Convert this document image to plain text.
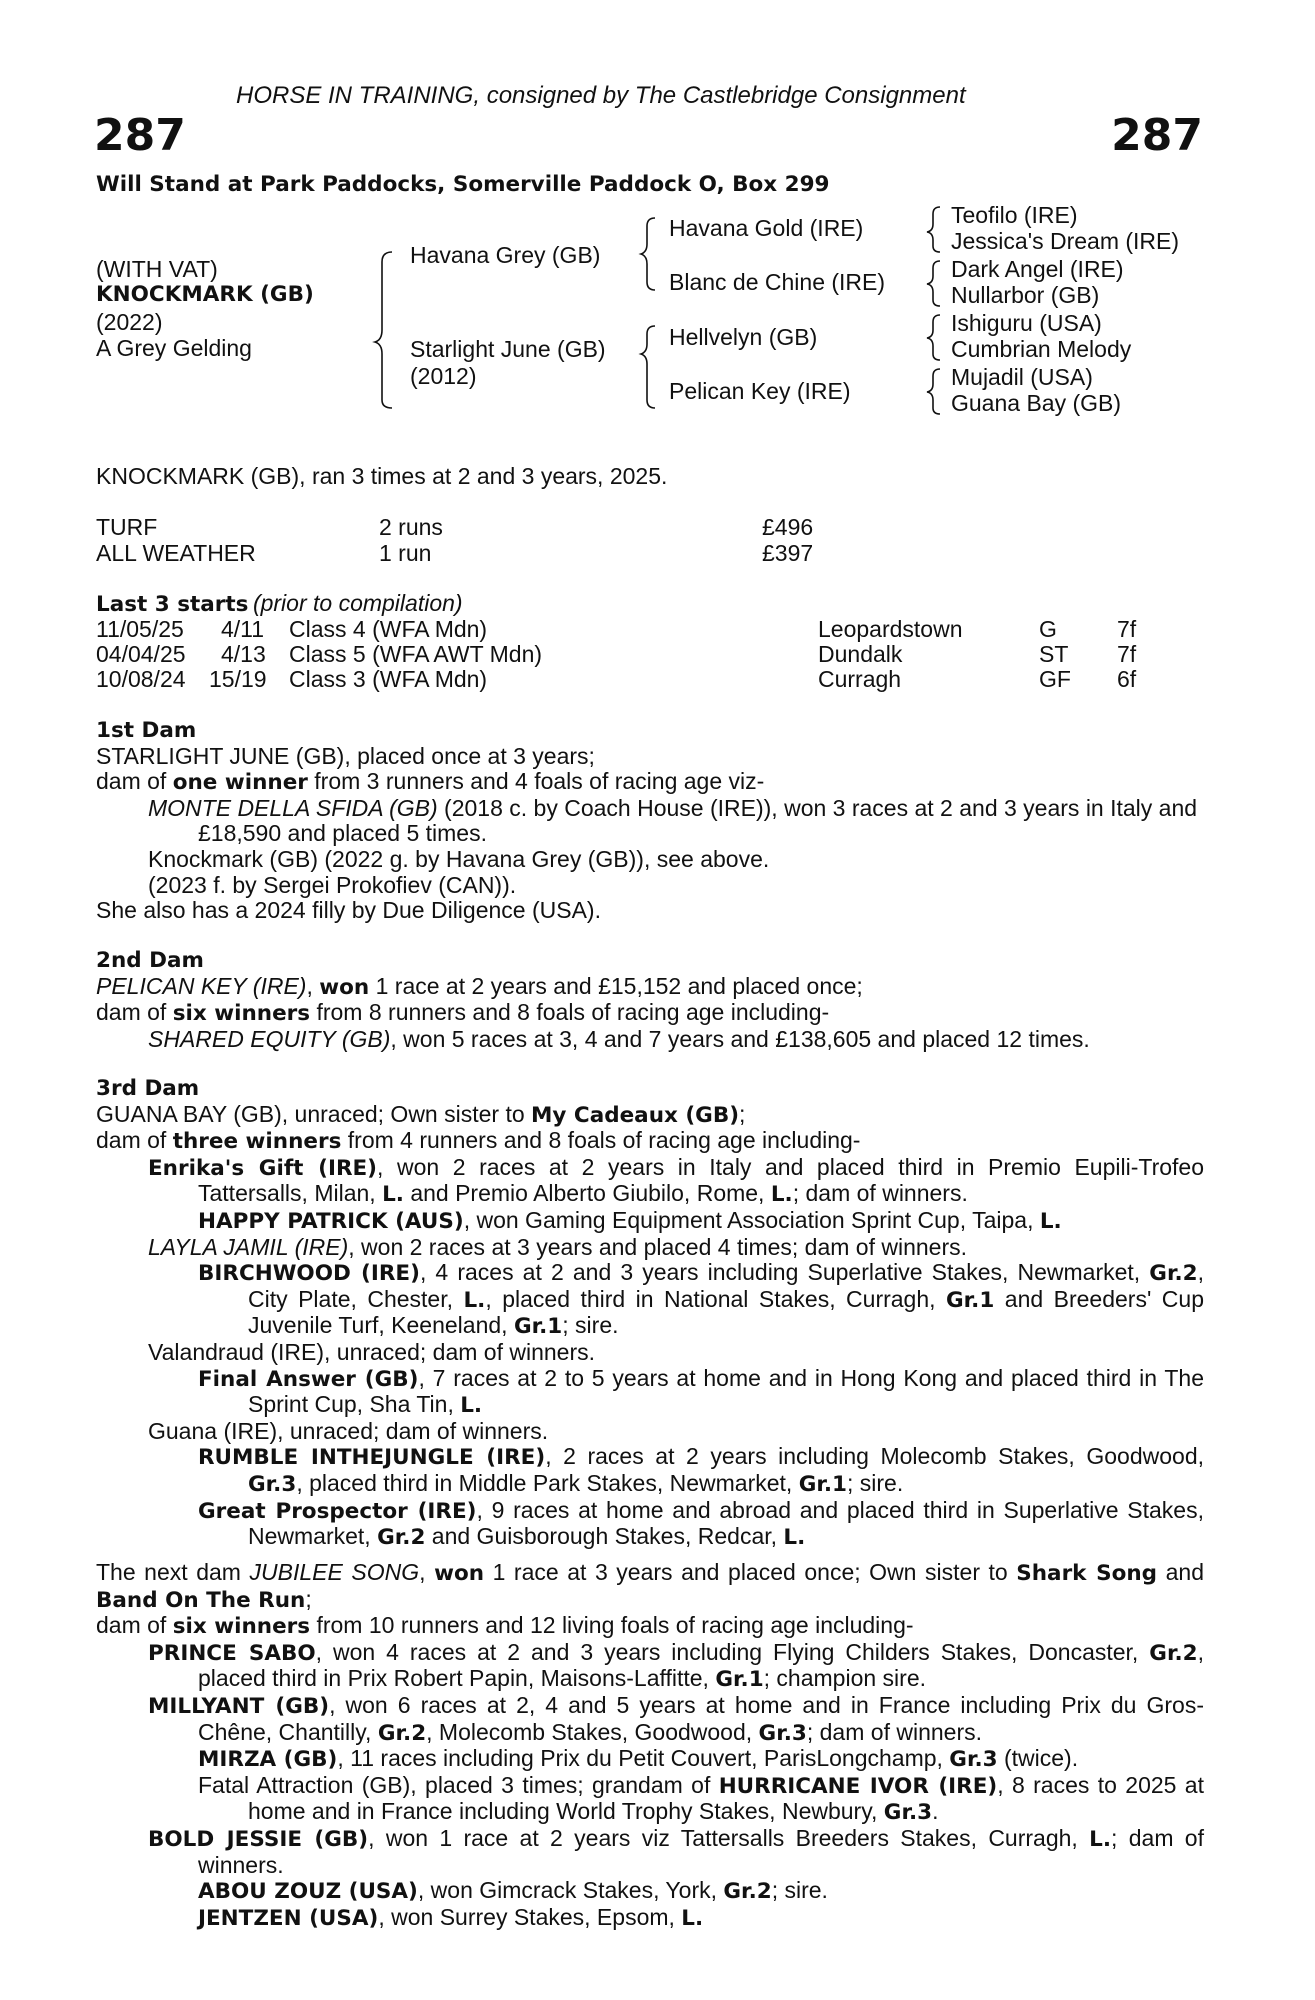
HORSE IN TRAINING, consigned by The Castlebridge Consignment
287	287
Will Stand at Park Paddocks, Somerville Paddock O, Box 299
(WITH VAT)
KNOCKMARK (GB)
(2022)
A Grey Gelding
Havana Grey (GB)
Starlight June (GB)
(2012)
Havana Gold (IRE)
Blanc de Chine (IRE)
Hellvelyn (GB)
Pelican Key (IRE)
Teofilo (IRE)
Jessica's Dream (IRE)
Dark Angel (IRE)
Nullarbor (GB)
Ishiguru (USA)
Cumbrian Melody
Mujadil (USA)
Guana Bay (GB)
KNOCKMARK (GB), ran 3 times at 2 and 3 years, 2025.
TURF	2 runs	£496
ALL WEATHER	1 run	£397
Last 3 starts (prior to compilation)
11/05/25 4/11 Class 4 (WFA Mdn)	Leopardstown	G	7f
04/04/25 4/13 Class 5 (WFA AWT Mdn)	Dundalk	ST 7f
10/08/24 15/19 Class 3 (WFA Mdn)	Curragh	GF 6f

1st Dam

STARLIGHT JUNE (GB), placed once at 3 years;

dam of one winner from 3 runners and 4 foals of racing age viz-

MONTE DELLA SFIDA (GB) (2018 c. by Coach House (IRE)), won 3 races at 2 and 3 years in Italy and £18,590 and placed 5 times.

Knockmark (GB) (2022 g. by Havana Grey (GB)), see above.

(2023 f. by Sergei Prokofiev (CAN)).

She also has a 2024 filly by Due Diligence (USA).

2nd Dam

PELICAN KEY (IRE), won 1 race at 2 years and £15,152 and placed once;

dam of six winners from 8 runners and 8 foals of racing age including-

SHARED EQUITY (GB), won 5 races at 3, 4 and 7 years and £138,605 and placed 12 times.

3rd Dam

GUANA BAY (GB), unraced; Own sister to My Cadeaux (GB);

dam of three winners from 4 runners and 8 foals of racing age including-

Enrika's Gift (IRE), won 2 races at 2 years in Italy and placed third in Premio Eupili-Trofeo Tattersalls, Milan, L. and Premio Alberto Giubilo, Rome, L.; dam of winners.

HAPPY PATRICK (AUS), won Gaming Equipment Association Sprint Cup, Taipa, L.

LAYLA JAMIL (IRE), won 2 races at 3 years and placed 4 times; dam of winners.

BIRCHWOOD (IRE), 4 races at 2 and 3 years including Superlative Stakes, Newmarket, Gr.2, City Plate, Chester, L., placed third in National Stakes, Curragh, Gr.1 and Breeders' Cup Juvenile Turf, Keeneland, Gr.1; sire.

Valandraud (IRE), unraced; dam of winners.

Final Answer (GB), 7 races at 2 to 5 years at home and in Hong Kong and placed third in The Sprint Cup, Sha Tin, L.

Guana (IRE), unraced; dam of winners.

RUMBLE INTHEJUNGLE (IRE), 2 races at 2 years including Molecomb Stakes, Goodwood, Gr.3, placed third in Middle Park Stakes, Newmarket, Gr.1; sire.

Great Prospector (IRE), 9 races at home and abroad and placed third in Superlative Stakes, Newmarket, Gr.2 and Guisborough Stakes, Redcar, L.

The next dam JUBILEE SONG, won 1 race at 3 years and placed once; Own sister to Shark Song and Band On The Run;

dam of six winners from 10 runners and 12 living foals of racing age including-

PRINCE SABO, won 4 races at 2 and 3 years including Flying Childers Stakes, Doncaster, Gr.2, placed third in Prix Robert Papin, Maisons-Laffitte, Gr.1; champion sire.

MILLYANT (GB), won 6 races at 2, 4 and 5 years at home and in France including Prix du Gros-Chêne, Chantilly, Gr.2, Molecomb Stakes, Goodwood, Gr.3; dam of winners.

MIRZA (GB), 11 races including Prix du Petit Couvert, ParisLongchamp, Gr.3 (twice).

Fatal Attraction (GB), placed 3 times; grandam of HURRICANE IVOR (IRE), 8 races to 2025 at home and in France including World Trophy Stakes, Newbury, Gr.3.

BOLD JESSIE (GB), won 1 race at 2 years viz Tattersalls Breeders Stakes, Curragh, L.; dam of winners.

ABOU ZOUZ (USA), won Gimcrack Stakes, York, Gr.2; sire.

JENTZEN (USA), won Surrey Stakes, Epsom, L.
